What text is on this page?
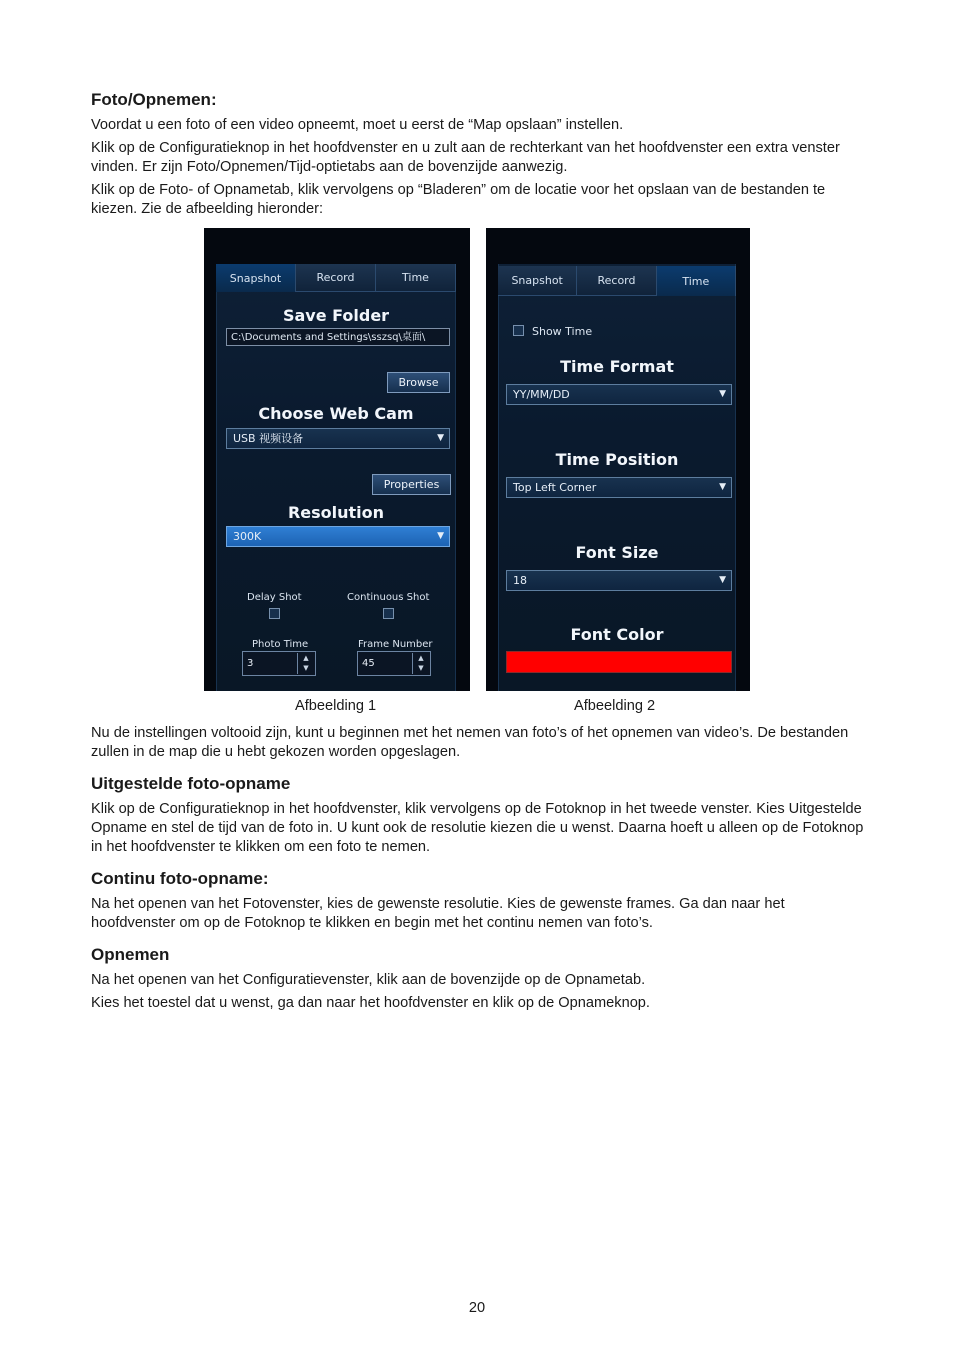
Foto/Opnemen:

Voordat u een foto of een video opneemt, moet u eerst de “Map opslaan” instellen.

Klik op de Configuratieknop in het hoofdvenster en u zult aan de rechterkant van het hoofdvenster een extra venster vinden. Er zijn Foto/Opnemen/Tijd-optietabs aan de bovenzijde aanwezig.

Klik op de Foto- of Opnametab, klik vervolgens op “Bladeren” om de locatie voor het opslaan van de bestanden te kiezen. Zie de afbeelding hieronder:

Snapshot	Record	Time
Save Folder
C:\Documents and Settings\sszsq\桌面\
Browse
Choose Web Cam
USB 视频设备	▼
Properties
Resolution
300K	▼
Delay Shot	Continuous Shot
Photo Time
3	▲
▼
Frame Number
45	▲
▼
Snapshot	Record	Time
Show Time
Time Format
YY/MM/DD	▼
Time Position
Top Left Corner	▼
Font Size
18	▼
Font Color
Afbeelding 1	Afbeelding 2

Nu de instellingen voltooid zijn, kunt u beginnen met het nemen van foto’s of het opnemen van video’s. De bestanden zullen in de map die u hebt gekozen worden opgeslagen.

Uitgestelde foto-opname

Klik op de Configuratieknop in het hoofdvenster, klik vervolgens op de Fotoknop in het tweede venster. Kies Uitgestelde Opname en stel de tijd van de foto in. U kunt ook de resolutie kiezen die u wenst. Daarna hoeft u alleen op de Fotoknop in het hoofdvenster te klikken om een foto te nemen.

Continu foto-opname:

Na het openen van het Fotovenster, kies de gewenste resolutie. Kies de gewenste frames. Ga dan naar het hoofdvenster om op de Fotoknop te klikken en begin met het continu nemen van foto’s.

Opnemen

Na het openen van het Configuratievenster, klik aan de bovenzijde op de Opnametab.

Kies het toestel dat u wenst, ga dan naar het hoofdvenster en klik op de Opnameknop.

20
